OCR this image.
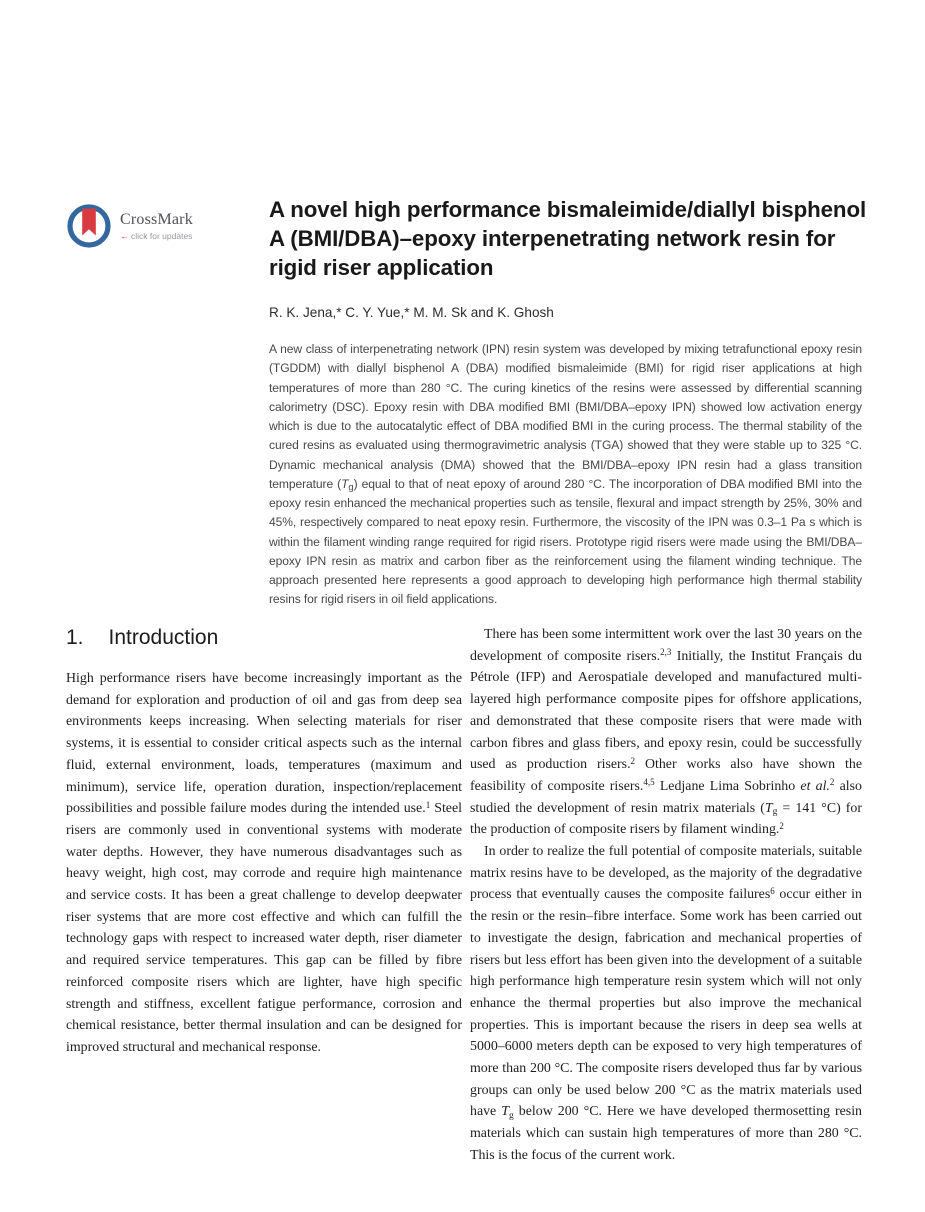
CrossMark
← click for updates
A novel high performance bismaleimide/diallyl bisphenol A (BMI/DBA)–epoxy interpenetrating network resin for rigid riser application
R. K. Jena,* C. Y. Yue,* M. M. Sk and K. Ghosh
A new class of interpenetrating network (IPN) resin system was developed by mixing tetrafunctional epoxy resin (TGDDM) with diallyl bisphenol A (DBA) modified bismaleimide (BMI) for rigid riser applications at high temperatures of more than 280 °C. The curing kinetics of the resins were assessed by differential scanning calorimetry (DSC). Epoxy resin with DBA modified BMI (BMI/DBA–epoxy IPN) showed low activation energy which is due to the autocatalytic effect of DBA modified BMI in the curing process. The thermal stability of the cured resins as evaluated using thermogravimetric analysis (TGA) showed that they were stable up to 325 °C. Dynamic mechanical analysis (DMA) showed that the BMI/DBA–epoxy IPN resin had a glass transition temperature $(T_g)$ equal to that of neat epoxy of around 280 °C. The incorporation of DBA modified BMI into the epoxy resin enhanced the mechanical properties such as tensile, flexural and impact strength by 25%, 30% and 45%, respectively compared to neat epoxy resin. Furthermore, the viscosity of the IPN was 0.3–1 Pa s which is within the filament winding range required for rigid risers. Prototype rigid risers were made using the BMI/DBA–epoxy IPN resin as matrix and carbon fiber as the reinforcement using the filament winding technique. The approach presented here represents a good approach to developing high performance high thermal stability resins for rigid risers in oil field applications.
1. Introduction

High performance risers have become increasingly important as the demand for exploration and production of oil and gas from deep sea environments keeps increasing. When selecting materials for riser systems, it is essential to consider critical aspects such as the internal fluid, external environment, loads, temperatures (maximum and minimum), service life, operation duration, inspection/replacement possibilities and possible failure modes during the intended use.$^1$ Steel risers are commonly used in conventional systems with moderate water depths. However, they have numerous disadvantages such as heavy weight, high cost, may corrode and require high maintenance and service costs. It has been a great challenge to develop deepwater riser systems that are more cost effective and which can fulfill the technology gaps with respect to increased water depth, riser diameter and required service temperatures. This gap can be filled by fibre reinforced composite risers which are lighter, have high specific strength and stiffness, excellent fatigue performance, corrosion and chemical resistance, better thermal insulation and can be designed for improved structural and mechanical response.

There has been some intermittent work over the last 30 years on the development of composite risers.$^{2,3}$ Initially, the Institut Français du Pétrole (IFP) and Aerospatiale developed and manufactured multi-layered high performance composite pipes for offshore applications, and demonstrated that these composite risers that were made with carbon fibres and glass fibers, and epoxy resin, could be successfully used as production risers.$^2$ Other works also have shown the feasibility of composite risers.$^{4,5}$ Ledjane Lima Sobrinho et al.$^2$ also studied the development of resin matrix materials (Tg = 141 °C) for the production of composite risers by filament winding.$^2$

In order to realize the full potential of composite materials, suitable matrix resins have to be developed, as the majority of the degradative process that eventually causes the composite failures$^6$ occur either in the resin or the resin–fibre interface. Some work has been carried out to investigate the design, fabrication and mechanical properties of risers but less effort has been given into the development of a suitable high performance high temperature resin system which will not only enhance the thermal properties but also improve the mechanical properties. This is important because the risers in deep sea wells at 5000–6000 meters depth can be exposed to very high temperatures of more than 200 °C. The composite risers developed thus far by various groups can only be used below 200 °C as the matrix materials used have Tg below 200 °C. Here we have developed thermosetting resin materials which can sustain high temperatures of more than 280 °C. This is the focus of the current work.
